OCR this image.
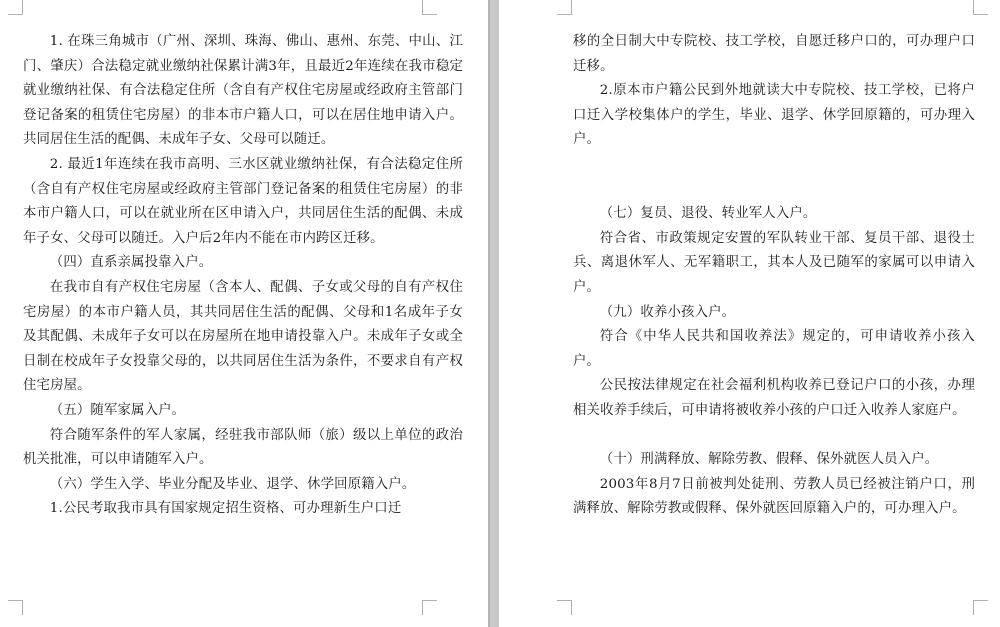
1. 在珠三角城市（广州、深圳、珠海、佛山、惠州、东莞、中山、江门、肇庆）合法稳定就业缴纳社保累计满3年，且最近2年连续在我市稳定就业缴纳社保、有合法稳定住所（含自有产权住宅房屋或经政府主管部门登记备案的租赁住宅房屋）的非本市户籍人口，可以在居住地申请入户。共同居住生活的配偶、未成年子女、父母可以随迁。

2. 最近1年连续在我市高明、三水区就业缴纳社保，有合法稳定住所（含自有产权住宅房屋或经政府主管部门登记备案的租赁住宅房屋）的非本市户籍人口，可以在就业所在区申请入户，共同居住生活的配偶、未成年子女、父母可以随迁。入户后2年内不能在市内跨区迁移。

（四）直系亲属投靠入户。

在我市自有产权住宅房屋（含本人、配偶、子女或父母的自有产权住宅房屋）的本市户籍人员，其共同居住生活的配偶、父母和1名成年子女及其配偶、未成年子女可以在房屋所在地申请投靠入户。未成年子女或全日制在校成年子女投靠父母的，以共同居住生活为条件，不要求自有产权住宅房屋。

（五）随军家属入户。

符合随军条件的军人家属，经驻我市部队师（旅）级以上单位的政治机关批准，可以申请随军入户。

（六）学生入学、毕业分配及毕业、退学、休学回原籍入户。

1.公民考取我市具有国家规定招生资格、可办理新生户口迁

移的全日制大中专院校、技工学校，自愿迁移户口的，可办理户口迁移。

2.原本市户籍公民到外地就读大中专院校、技工学校，已将户口迁入学校集体户的学生，毕业、退学、休学回原籍的，可办理入户。

（七）复员、退役、转业军人入户。

符合省、市政策规定安置的军队转业干部、复员干部、退役士兵、离退休军人、无军籍职工，其本人及已随军的家属可以申请入户。

（九）收养小孩入户。

符合《中华人民共和国收养法》规定的，可申请收养小孩入户。

公民按法律规定在社会福利机构收养已登记户口的小孩，办理相关收养手续后，可申请将被收养小孩的户口迁入收养人家庭户。

（十）刑满释放、解除劳教、假释、保外就医人员入户。

2003年8月7日前被判处徒刑、劳教人员已经被注销户口，刑满释放、解除劳教或假释、保外就医回原籍入户的，可办理入户。
